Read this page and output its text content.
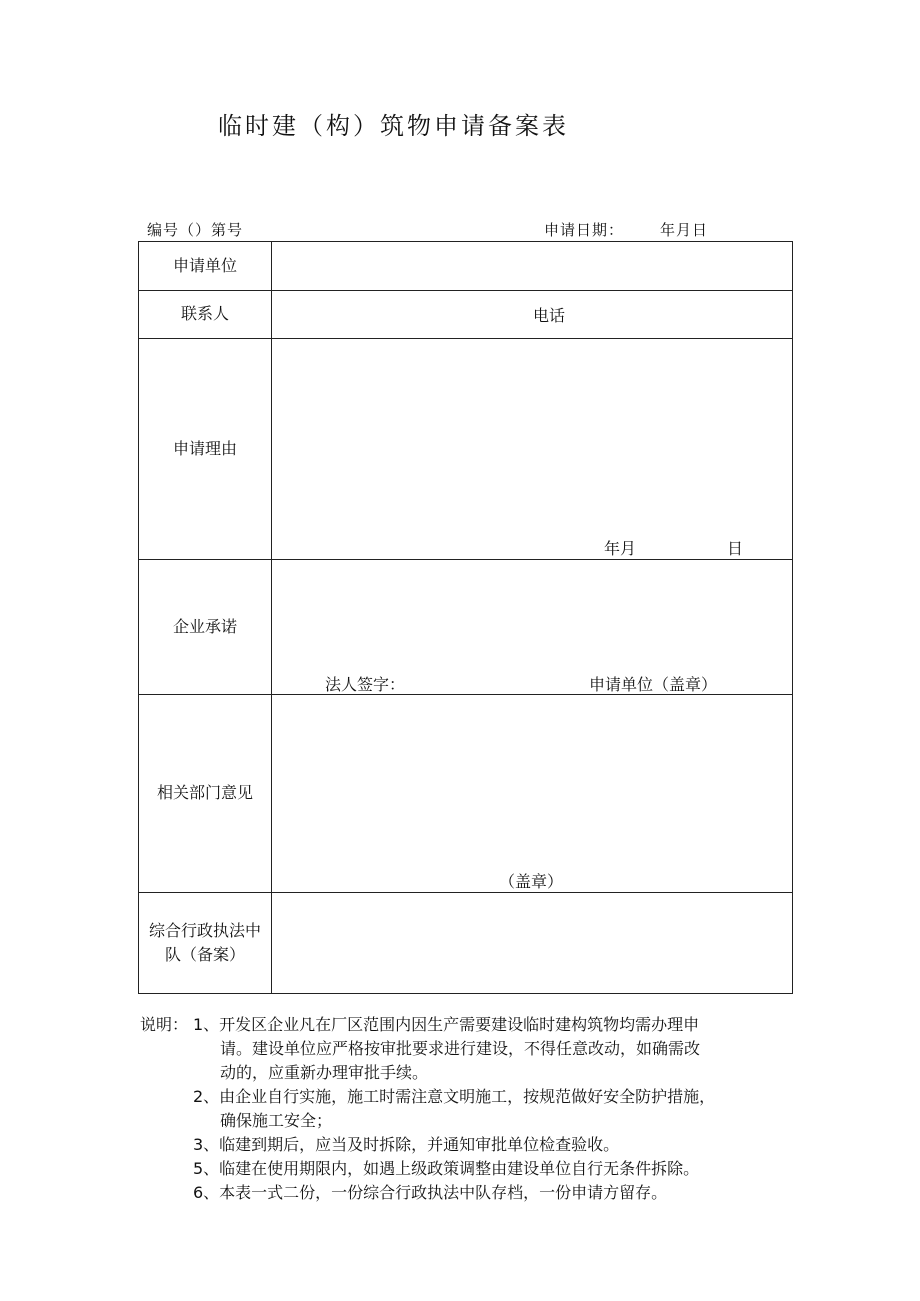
临时建（构）筑物申请备案表
编号（）第号	申请日期： 年月日
申请单位
联系人	电话
申请理由
年月	日
企业承诺
法人签字：	申请单位（盖章）
相关部门意见
（盖章）
综合行政执法中
队（备案）
说明： 1、开发区企业凡在厂区范围内因生产需要建设临时建构筑物均需办理申
请。建设单位应严格按审批要求进行建设，不得任意改动，如确需改
动的，应重新办理审批手续。
2、由企业自行实施，施工时需注意文明施工，按规范做好安全防护措施，
确保施工安全；
3、临建到期后，应当及时拆除，并通知审批单位检查验收。
5、临建在使用期限内，如遇上级政策调整由建设单位自行无条件拆除。
6、本表一式二份，一份综合行政执法中队存档，一份申请方留存。
